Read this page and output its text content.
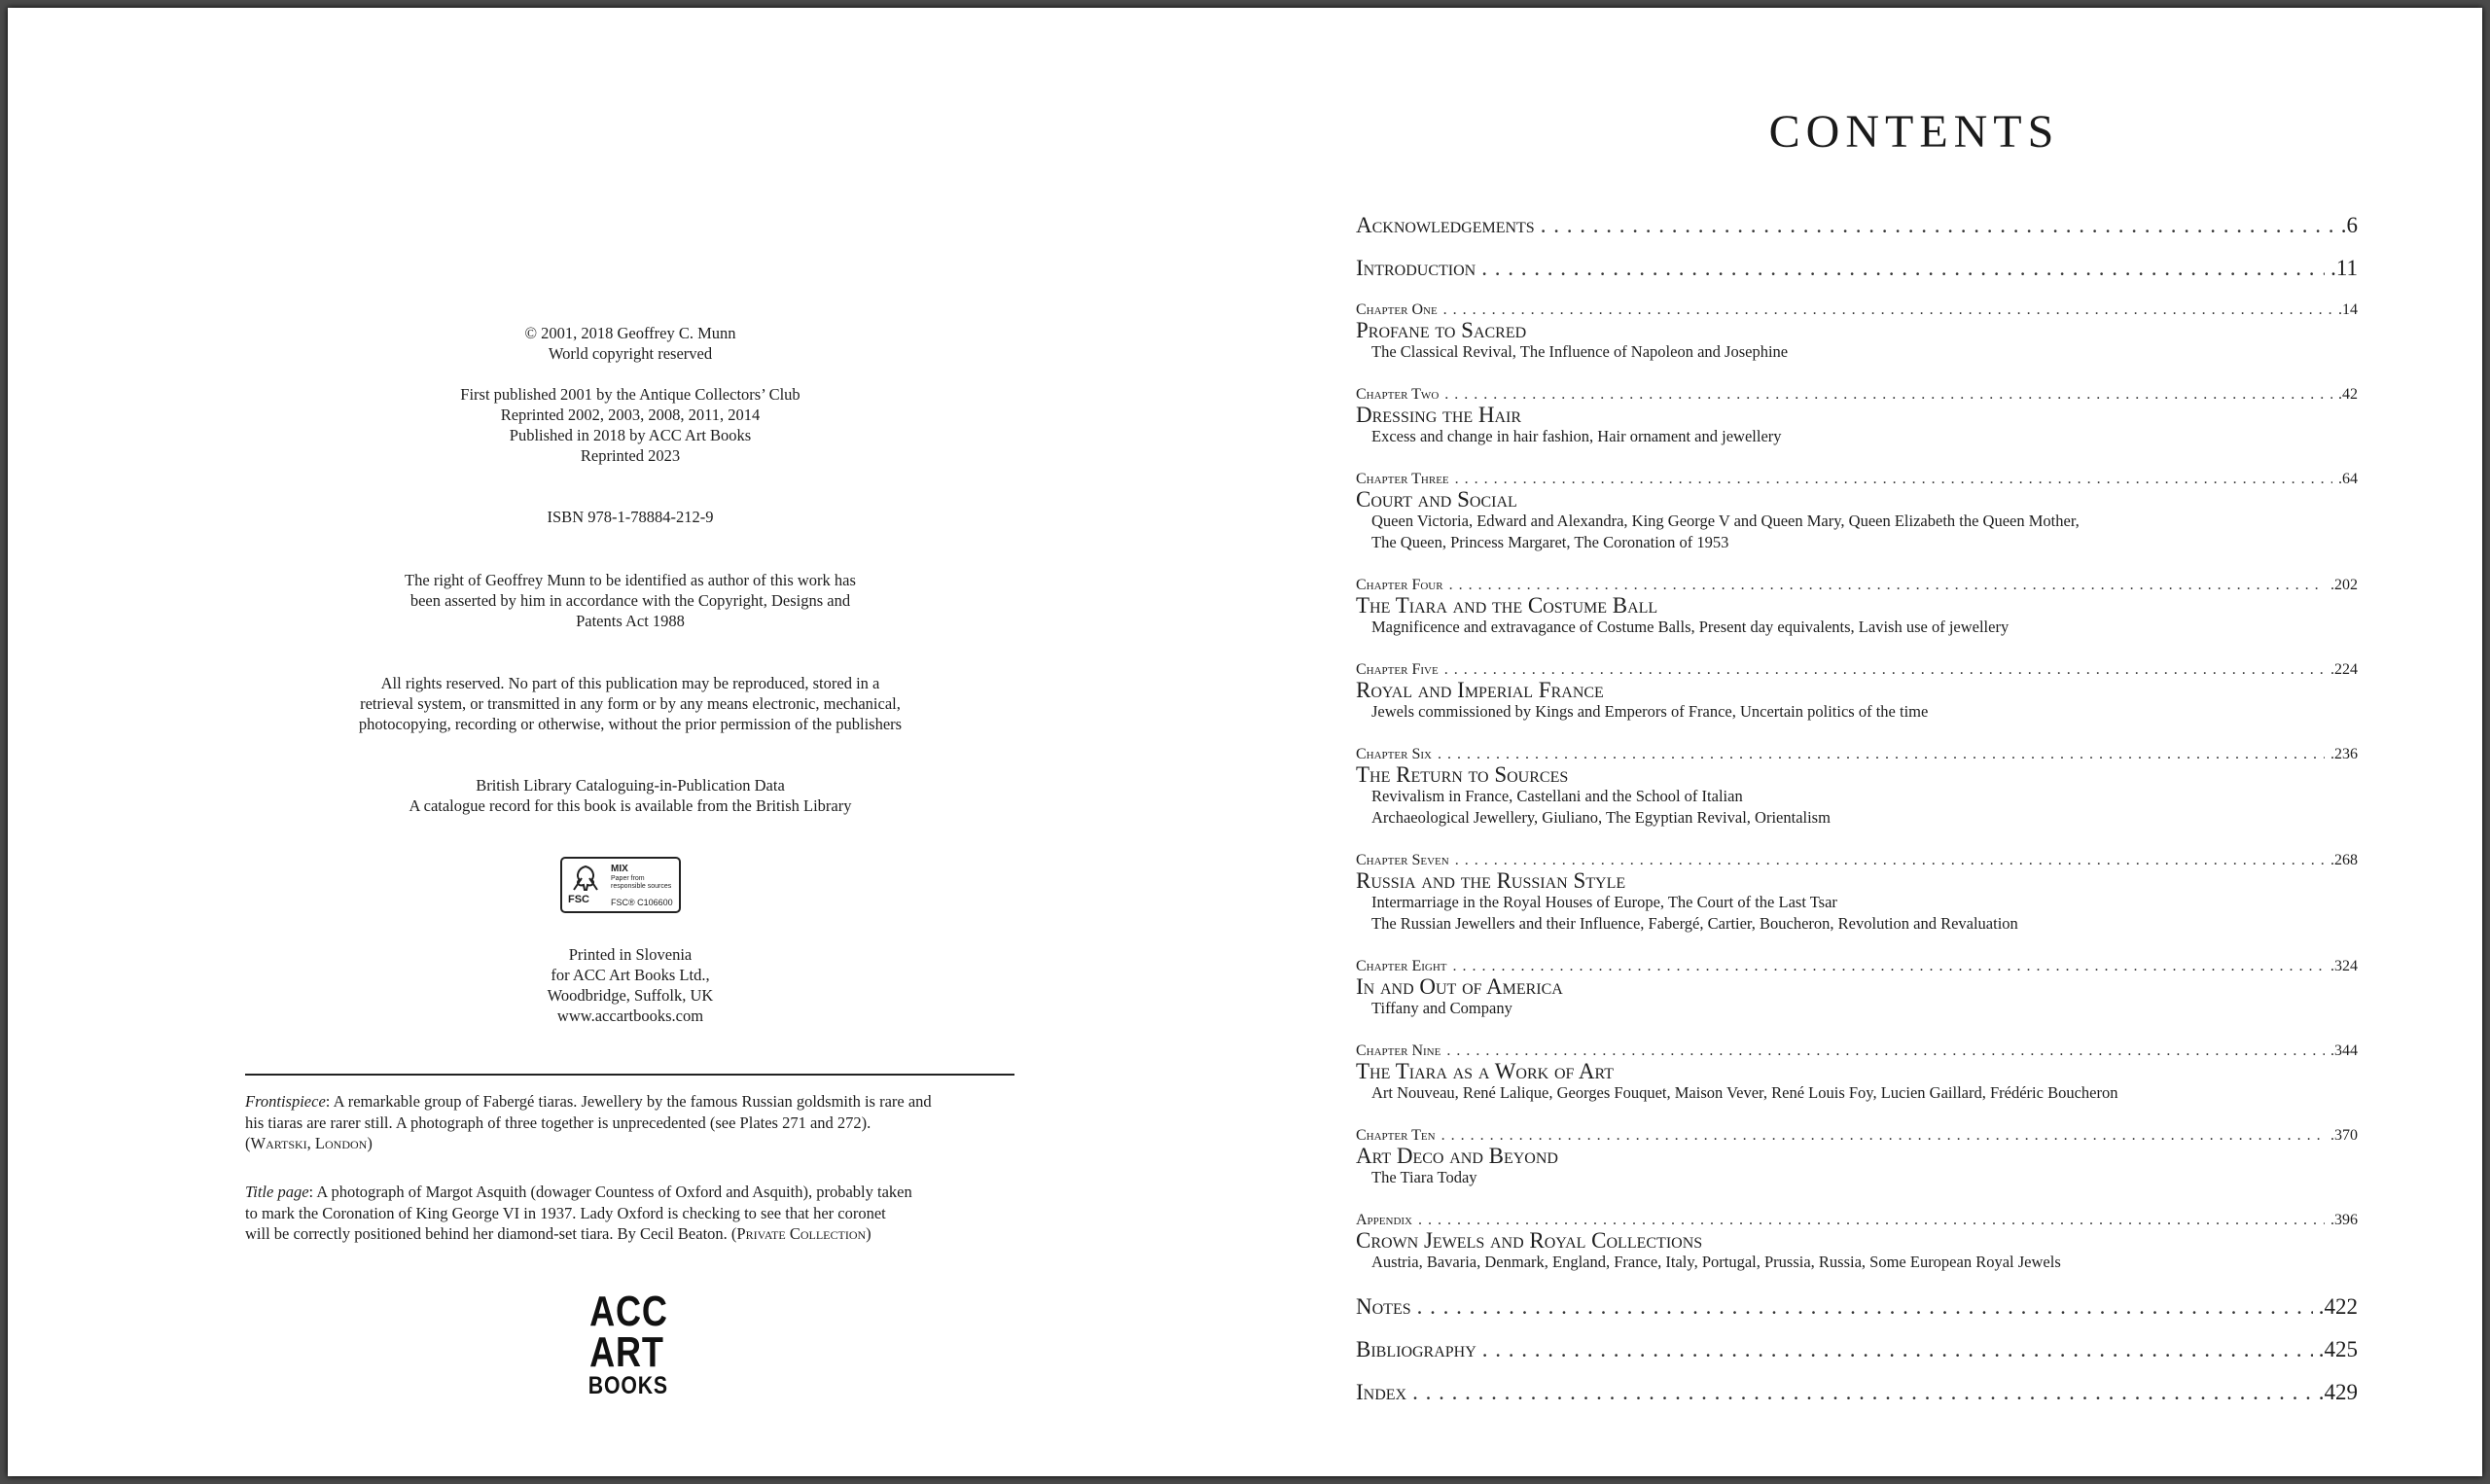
© 2001, 2018 Geoffrey C. Munn
World copyright reserved
First published 2001 by the Antique Collectors’ Club
Reprinted 2002, 2003, 2008, 2011, 2014
Published in 2018 by ACC Art Books
Reprinted 2023
ISBN 978-1-78884-212-9
The right of Geoffrey Munn to be identified as author of this work has
been asserted by him in accordance with the Copyright, Designs and
Patents Act 1988
All rights reserved. No part of this publication may be reproduced, stored in a
retrieval system, or transmitted in any form or by any means electronic, mechanical,
photocopying, recording or otherwise, without the prior permission of the publishers
British Library Cataloguing-in-Publication Data
A catalogue record for this book is available from the British Library
FSC
MIX
Paper from responsible sources
FSC® C106600
Printed in Slovenia
for ACC Art Books Ltd.,
Woodbridge, Suffolk, UK
www.accartbooks.com
Frontispiece: A remarkable group of Fabergé tiaras. Jewellery by the famous Russian goldsmith is rare and
his tiaras are rarer still. A photograph of three together is unprecedented (see Plates 271 and 272).
(Wartski, London)
Title page: A photograph of Margot Asquith (dowager Countess of Oxford and Asquith), probably taken
to mark the Coronation of King George VI in 1937. Lady Oxford is checking to see that her coronet
will be correctly positioned behind her diamond-set tiara. By Cecil Beaton. (Private Collection)
ACC
ART
BOOKS
CONTENTS
Acknowledgements . . .	.6
Introduction . . .	.11
Chapter One . . .	.14
Profane to Sacred
The Classical Revival, The Influence of Napoleon and Josephine
Chapter Two . . .	.42
Dressing the Hair
Excess and change in hair fashion, Hair ornament and jewellery
Chapter Three . . .	.64
Court and Social
Queen Victoria, Edward and Alexandra, King George V and Queen Mary, Queen Elizabeth the Queen Mother,
The Queen, Princess Margaret, The Coronation of 1953
Chapter Four . . .	.202
The Tiara and the Costume Ball
Magnificence and extravagance of Costume Balls, Present day equivalents, Lavish use of jewellery
Chapter Five . . .	.224
Royal and Imperial France
Jewels commissioned by Kings and Emperors of France, Uncertain politics of the time
Chapter Six . . .	.236
The Return to Sources
Revivalism in France, Castellani and the School of Italian
Archaeological Jewellery, Giuliano, The Egyptian Revival, Orientalism
Chapter Seven . . .	.268
Russia and the Russian Style
Intermarriage in the Royal Houses of Europe, The Court of the Last Tsar
The Russian Jewellers and their Influence, Fabergé, Cartier, Boucheron, Revolution and Revaluation
Chapter Eight . . .	.324
In and Out of America
Tiffany and Company
Chapter Nine . . .	.344
The Tiara as a Work of Art
Art Nouveau, René Lalique, Georges Fouquet, Maison Vever, René Louis Foy, Lucien Gaillard, Frédéric Boucheron
Chapter Ten . . .	.370
Art Deco and Beyond
The Tiara Today
Appendix . . .	.396
Crown Jewels and Royal Collections
Austria, Bavaria, Denmark, England, France, Italy, Portugal, Prussia, Russia, Some European Royal Jewels
Notes . . .	.422
Bibliography . . .	.425
Index . . .	.429
